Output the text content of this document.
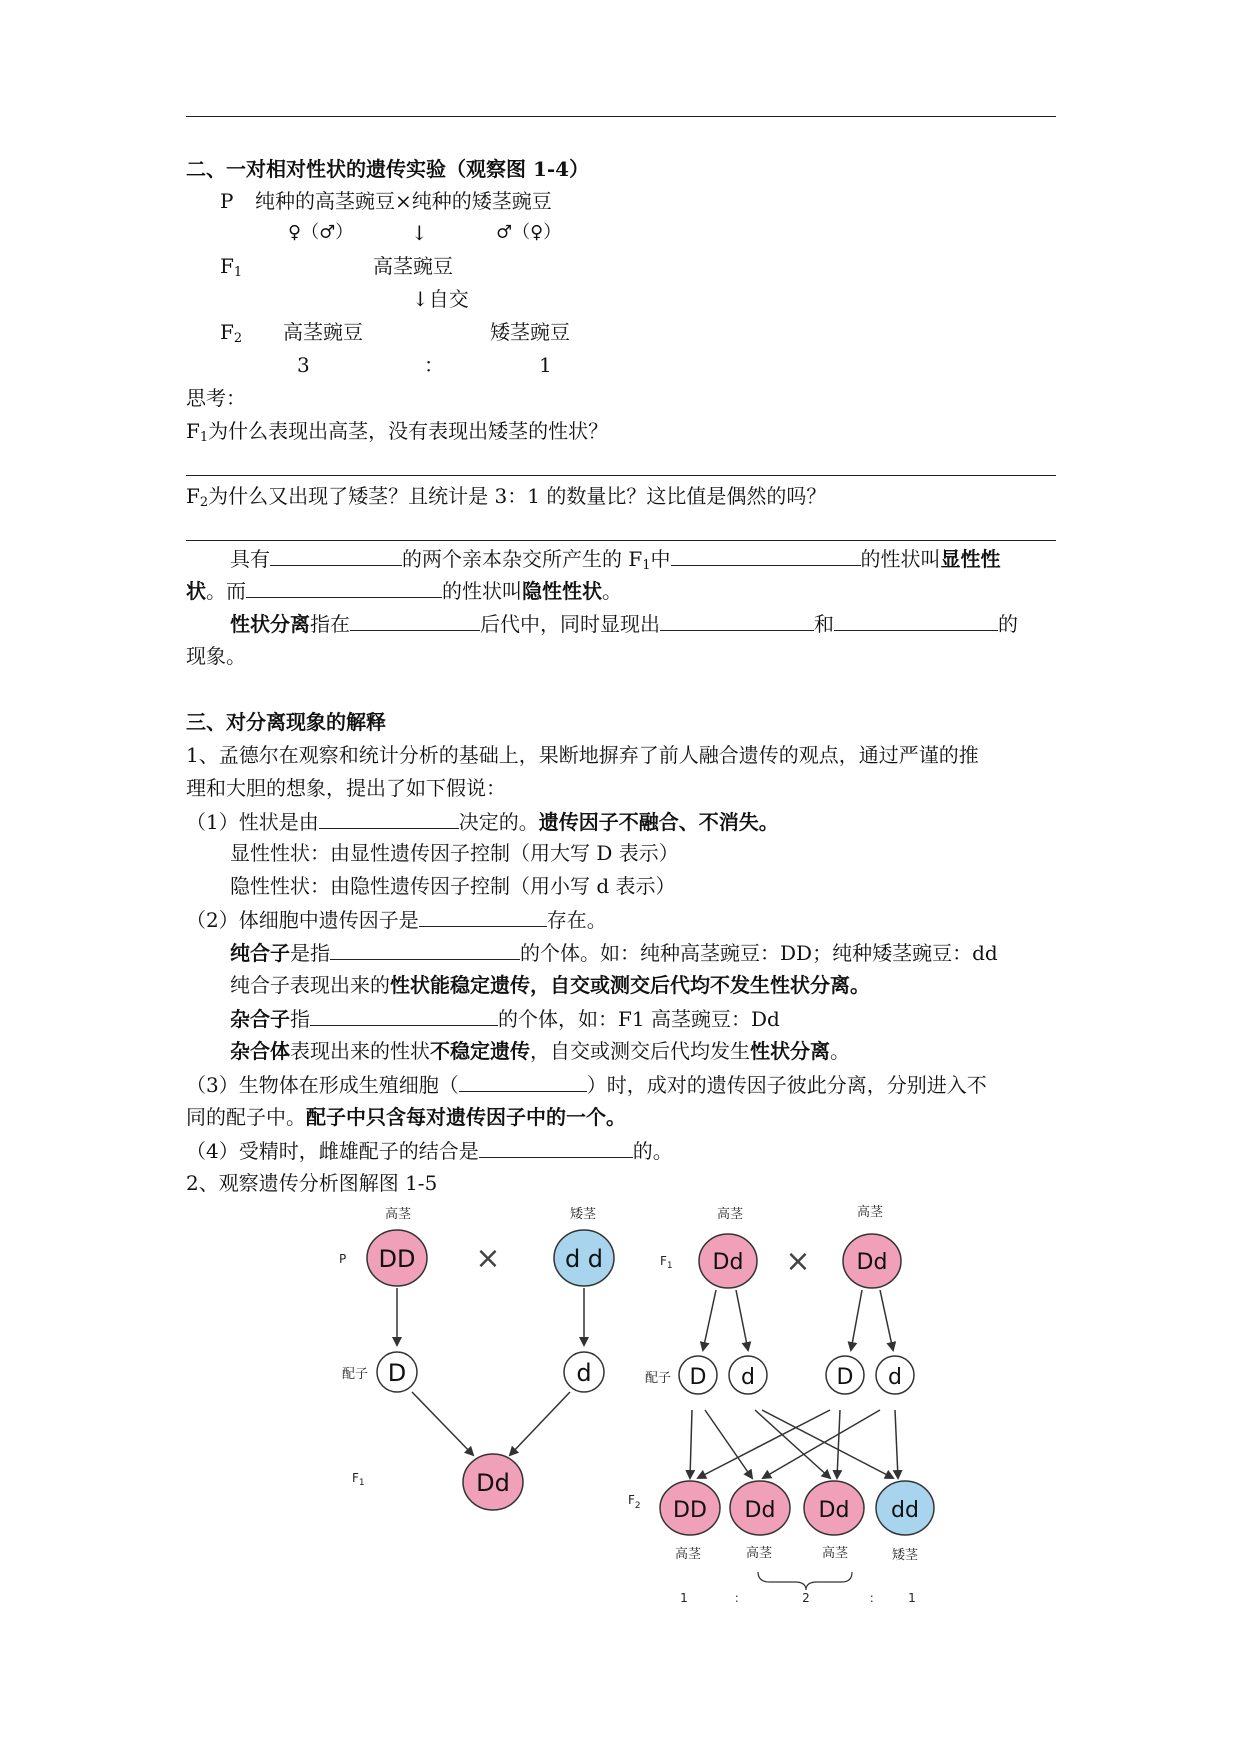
二、一对相对性状的遗传实验（观察图 1-4）
P 纯种的高茎豌豆×纯种的矮茎豌豆
♀（♂）	↓	♂（♀）
$F_1$	高茎豌豆
↓自交
$F_2$ 高茎豌豆	矮茎豌豆
3	：	1
思考：
$F_1$为什么表现出高茎，没有表现出矮茎的性状？
$F_2$为什么又出现了矮茎？且统计是 3：1 的数量比？这比值是偶然的吗？
具有	的两个亲本杂交所产生的 $F_1$中	的性状叫显性性
状。而	的性状叫隐性性状。
性状分离指在	后代中，同时显现出	和	的
现象。
三、对分离现象的解释
1、孟德尔在观察和统计分析的基础上，果断地摒弃了前人融合遗传的观点，通过严谨的推
理和大胆的想象，提出了如下假说：
（1）性状是由	决定的。遗传因子不融合、不消失。
显性性状：由显性遗传因子控制（用大写 D 表示）
隐性性状：由隐性遗传因子控制（用小写 d 表示）
（2）体细胞中遗传因子是	存在。
纯合子是指	的个体。如：纯种高茎豌豆：DD；纯种矮茎豌豆：dd
纯合子表现出来的性状能稳定遗传，自交或测交后代均不发生性状分离。
杂合子指	的个体，如：F1 高茎豌豆：Dd
杂合体表现出来的性状不稳定遗传，自交或测交后代均发生性状分离。
（3）生物体在形成生殖细胞（	）时，成对的遗传因子彼此分离，分别进入不
同的配子中。配子中只含每对遗传因子中的一个。
（4）受精时，雌雄配子的结合是	的。
2、观察遗传分析图解图 1-5
高茎	矮茎
P DD ×	d d
配子 D	d
$F_1$	Dd
高茎	高茎
$F_1$ Dd × Dd
配子 D d	D d
$F_2$ DD Dd Dd dd
高茎	高茎	高茎	矮茎
1	：	2	： 1
